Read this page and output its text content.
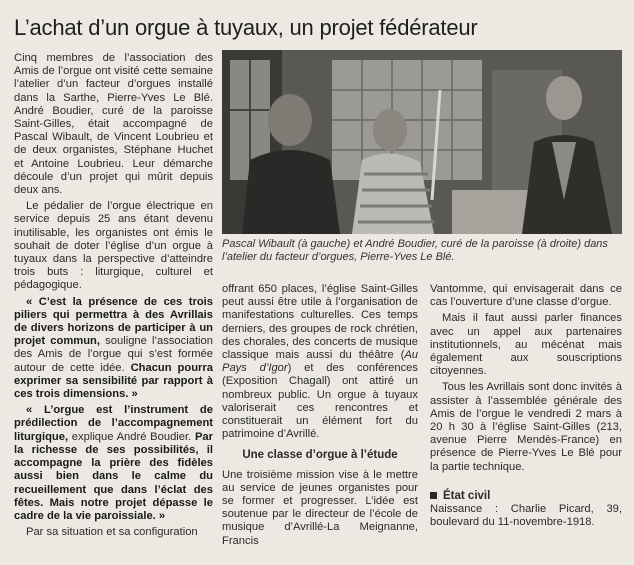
L’achat d’un orgue à tuyaux, un projet fédérateur

Cinq membres de l’association des Amis de l’orgue ont visité cette semaine l’atelier d’un facteur d’orgues installé dans la Sarthe, Pierre-Yves Le Blé. André Boudier, curé de la paroisse Saint-Gilles, était accompagné de Pascal Wibault, de Vincent Loubrieu et de deux organistes, Stéphane Huchet et Antoine Loubrieu. Leur démarche découle d’un projet qui mûrit depuis deux ans.

Le pédalier de l’orgue électrique en service depuis 25 ans étant devenu inutilisable, les organistes ont émis le souhait de doter l’église d’un orgue à tuyaux dans la perspective d’atteindre trois buts : liturgique, culturel et pédagogique.

« C’est la présence de ces trois piliers qui permettra à des Avrillais de divers horizons de participer à un projet commun, souligne l’association des Amis de l’orgue qui s’est formée autour de cette idée. Chacun pourra exprimer sa sensibilité par rapport à ces trois dimensions. »

« L’orgue est l’instrument de prédilection de l’accompagnement liturgique, explique André Boudier. Par la richesse de ses possibilités, il accompagne la prière des fidèles aussi bien dans le calme du recueillement que dans l’éclat des fêtes. Mais notre projet dépasse le cadre de la vie paroissiale. »

Par sa situation et sa configuration

Pascal Wibault (à gauche) et André Boudier, curé de la paroisse (à droite) dans l’atelier du facteur d’orgues, Pierre-Yves Le Blé.

offrant 650 places, l’église Saint-Gilles peut aussi être utile à l’organisation de manifestations culturelles. Ces temps derniers, des groupes de rock chrétien, des chorales, des concerts de musique classique mais aussi du théâtre (Au Pays d’Igor) et des conférences (Exposition Chagall) ont attiré un nombreux public. Un orgue à tuyaux valoriserait ces rencontres et constituerait un élément fort du patrimoine d’Avrillé.

Une classe d’orgue à l’étude

Une troisième mission vise à le mettre au service de jeunes organistes pour se former et progresser. L’idée est soutenue par le directeur de l’école de musique d’Avrillé-La Meignanne, Francis

Vantomme, qui envisagerait dans ce cas l’ouverture d’une classe d’orgue.

Mais il faut aussi parler finances avec un appel aux partenaires institutionnels, au mécénat mais également aux souscriptions citoyennes.

Tous les Avrillais sont donc invités à assister à l’assemblée générale des Amis de l’orgue le vendredi 2 mars à 20 h 30 à l’église Saint-Gilles (213, avenue Pierre Mendès-France) en présence de Pierre-Yves Le Blé pour la partie technique.

État civil

Naissance : Charlie Picard, 39, boulevard du 11-novembre-1918.
